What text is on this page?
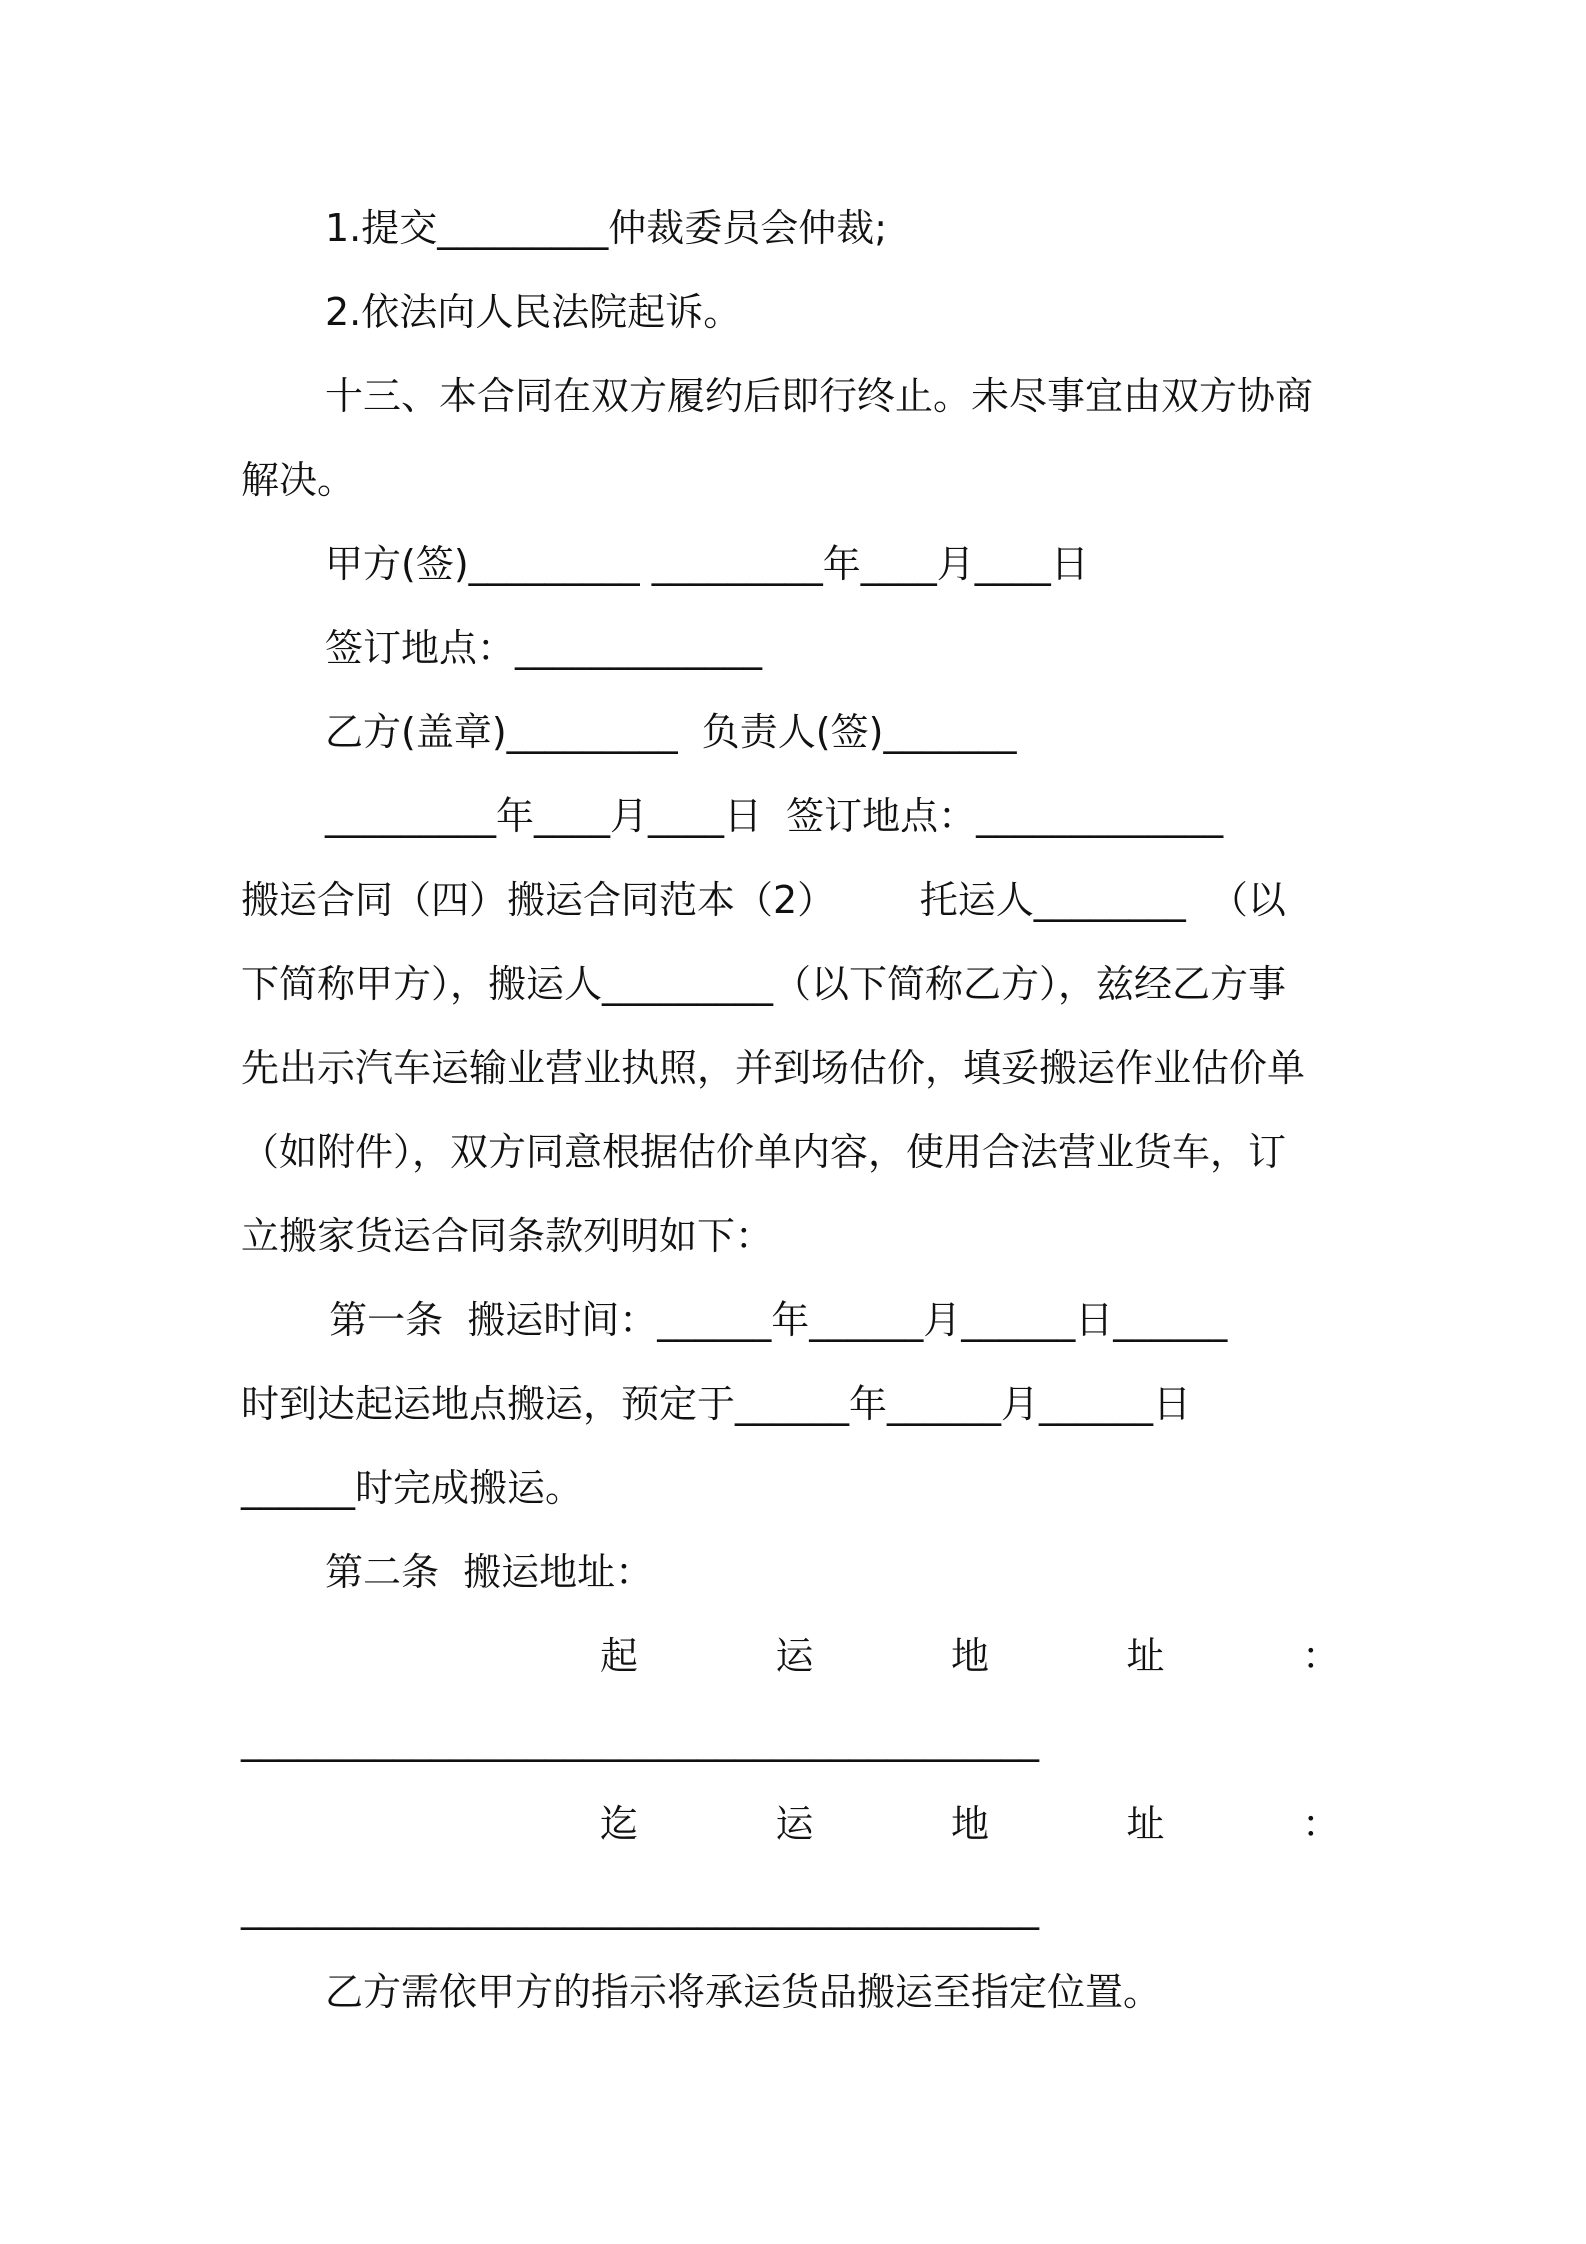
1.提交_________仲裁委员会仲裁;
2.依法向人民法院起诉。
十三、本合同在双方履约后即行终止。未尽事宜由双方协商
解决。
甲方(签)_________ _________年____月____日
签订地点：_____________
乙方(盖章)_________  负责人(签)_______
_________年____月____日  签订地点：_____________
搬运合同（四）搬运合同范本（2）       托运人________  （以
下简称甲方），搬运人_________（以下简称乙方），兹经乙方事
先出示汽车运输业营业执照，并到场估价，填妥搬运作业估价单
（如附件），双方同意根据估价单内容，使用合法营业货车，订
立搬家货运合同条款列明如下：
第一条  搬运时间：______年______月______日______
时到达起运地点搬运，预定于______年______月______日
______时完成搬运。
第二条  搬运地址：
起	运	地	址	：
__________________________________________
迄	运	地	址	：
__________________________________________
乙方需依甲方的指示将承运货品搬运至指定位置。
